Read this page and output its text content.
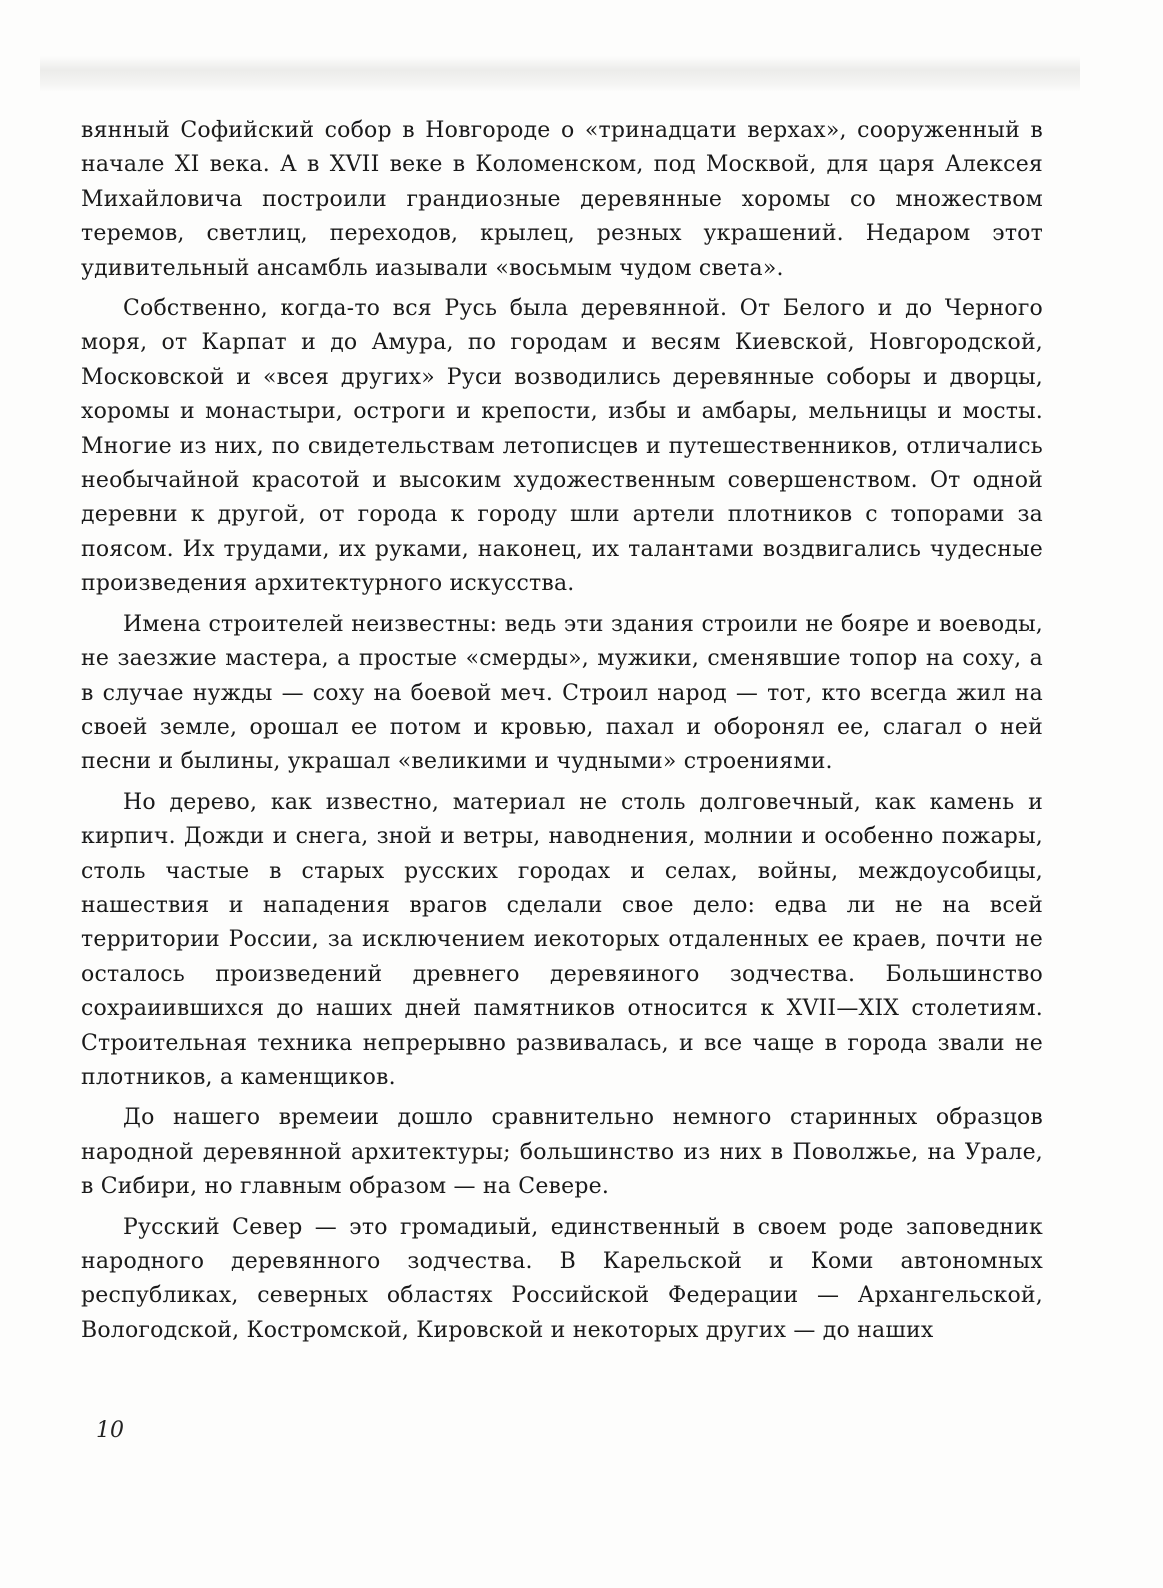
вянный Софийский собор в Новгороде о «тринадцати верхах», сооруженный в начале XI века. А в XVII веке в Коломенском, под Москвой, для царя Алексея Михайловича построили грандиозные деревянные хоромы со множеством теремов, светлиц, переходов, крылец, резных украшений. Недаром этот удивительный ансамбль иазывали «восьмым чудом света».

Собственно, когда-то вся Русь была деревянной. От Белого и до Черного моря, от Карпат и до Амура, по городам и весям Киевской, Новгородской, Московской и «всея других» Руси возводились деревянные соборы и дворцы, хоромы и монастыри, остроги и крепости, избы и амбары, мельницы и мосты. Многие из них, по свидетельствам летописцев и путешественников, отличались необычайной красотой и высоким художественным совершенством. От одной деревни к другой, от города к городу шли артели плотников с топорами за поясом. Их трудами, их руками, наконец, их талантами воздвигались чудесные произведения архитектурного искусства.

Имена строителей неизвестны: ведь эти здания строили не бояре и воеводы, не заезжие мастера, а простые «смерды», мужики, сменявшие топор на соху, а в случае нужды — соху на боевой меч. Строил народ — тот, кто всегда жил на своей земле, орошал ее потом и кровью, пахал и оборонял ее, слагал о ней песни и былины, украшал «великими и чудными» строениями.

Но дерево, как известно, материал не столь долговечный, как камень и кирпич. Дожди и снега, зной и ветры, наводнения, молнии и особенно пожары, столь частые в старых русских городах и селах, войны, междоусобицы, нашествия и нападения врагов сделали свое дело: едва ли не на всей территории России, за исключением иекоторых отдаленных ее краев, почти не осталось произведений древнего деревяиного зодчества. Большинство сохраиившихся до наших дней памятников относится к XVII—XIX столетиям. Строительная техника непрерывно развивалась, и все чаще в города звали не плотников, а каменщиков.

До нашего времеии дошло сравнительно немного старинных образцов народной деревянной архитектуры; большинство из них в Поволжье, на Урале, в Сибири, но главным образом — на Севере.

Русский Север — это громадиый, единственный в своем роде заповедник народного деревянного зодчества. В Карельской и Коми автономных республиках, северных областях Российской Федерации — Архангельской, Вологодской, Костромской, Кировской и некоторых других — до наших

10
